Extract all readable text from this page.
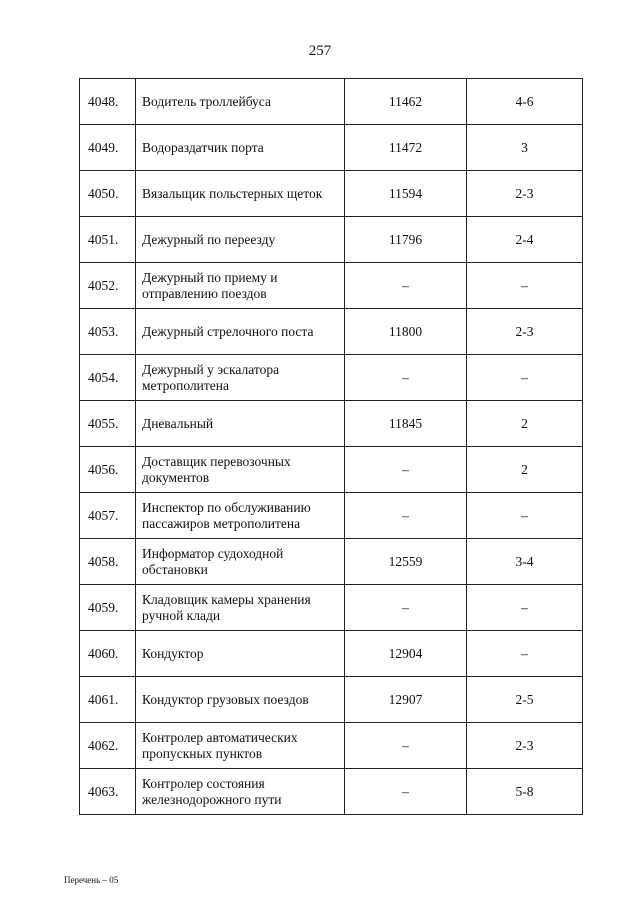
257
4048.	Водитель троллейбуса	11462	4-6
4049.	Водораздатчик порта	11472	3
4050.	Вязальщик польстерных щеток	11594	2-3
4051.	Дежурный по переезду	11796	2-4
4052.	Дежурный по приему и отправлению поездов	–	–
4053.	Дежурный стрелочного поста	11800	2-3
4054.	Дежурный у эскалатора метрополитена	–	–
4055.	Дневальный	11845	2
4056.	Доставщик перевозочных документов	–	2
4057.	Инспектор по обслуживанию пассажиров метрополитена	–	–
4058.	Информатор судоходной обстановки	12559	3-4
4059.	Кладовщик камеры хранения ручной клади	–	–
4060.	Кондуктор	12904	–
4061.	Кондуктор грузовых поездов	12907	2-5
4062.	Контролер автоматических пропускных пунктов	–	2-3
4063.	Контролер состояния железнодорожного пути	–	5-8
Перечень – 05
